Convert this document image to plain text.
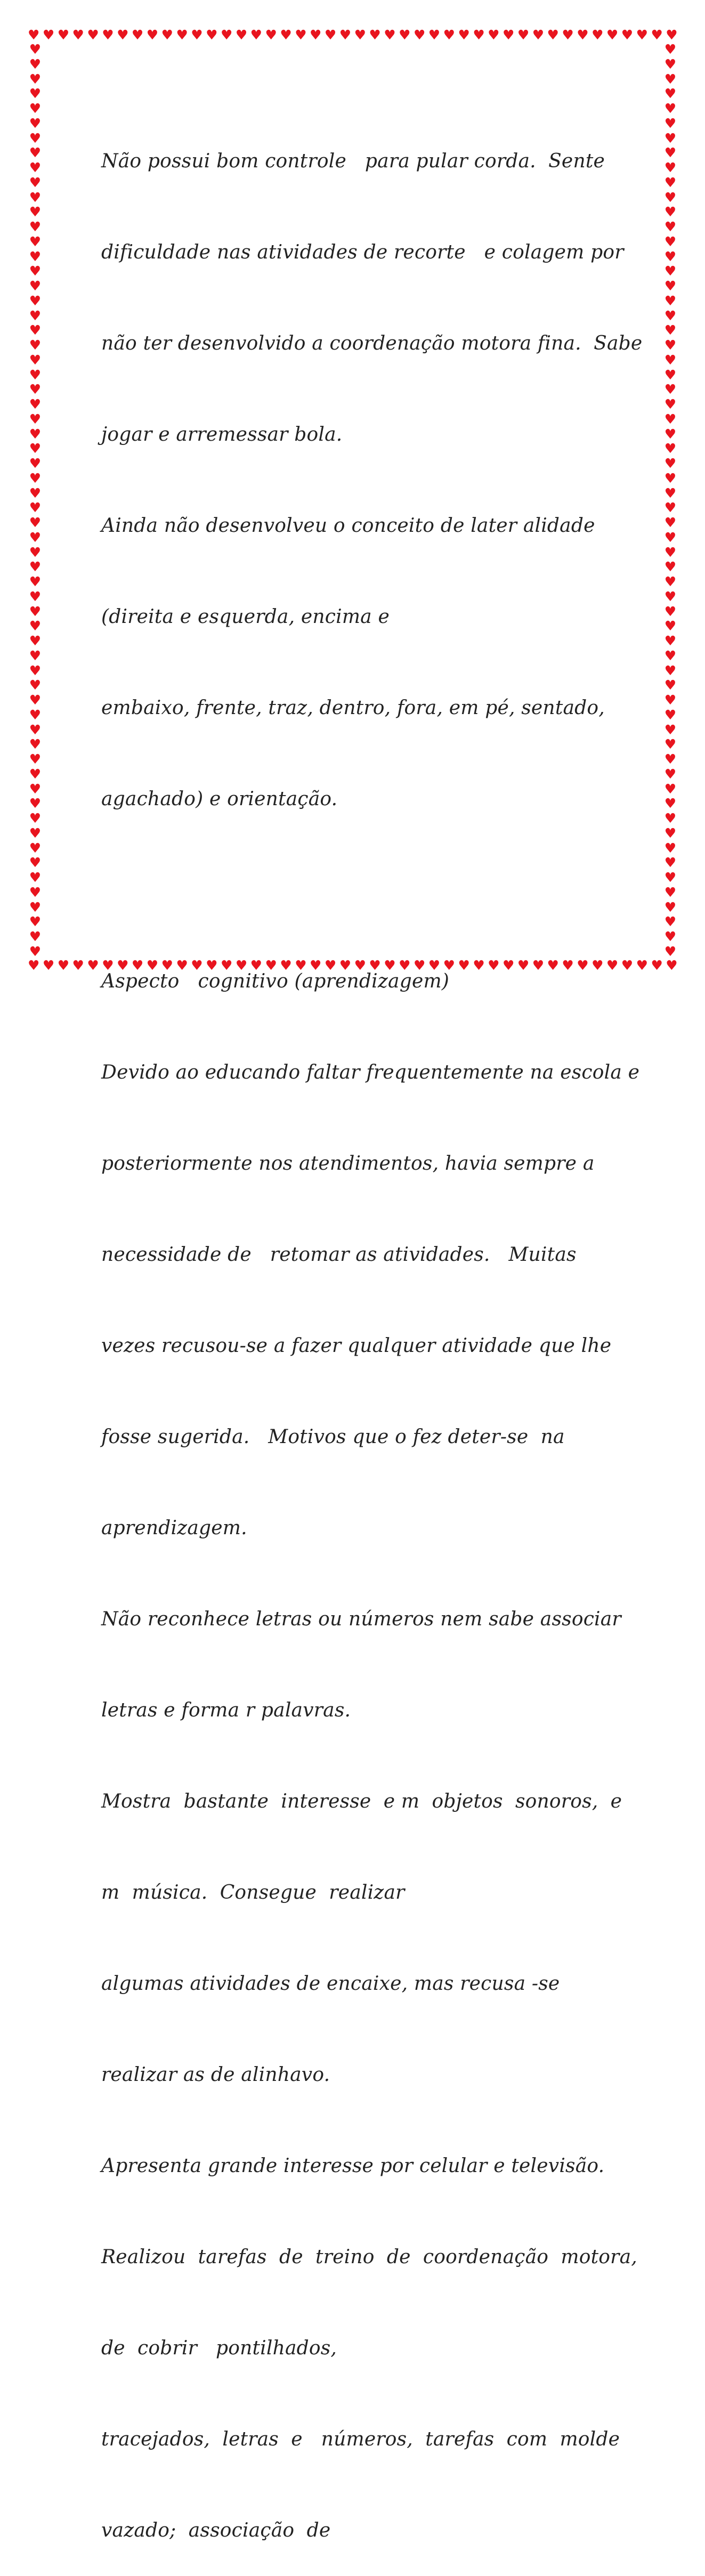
♥ ♥ ♥ ♥ ♥ ♥ ♥ ♥ ♥ ♥ ♥ ♥ ♥ ♥ ♥ ♥ ♥ ♥ ♥ ♥ ♥ ♥ ♥ ♥ ♥ ♥ ♥ ♥ ♥ ♥ ♥ ♥ ♥ ♥ ♥ ♥ ♥ ♥ ♥ ♥ ♥ ♥ ♥ ♥
♥ ♥ ♥ ♥ ♥ ♥ ♥ ♥ ♥ ♥ ♥ ♥ ♥ ♥ ♥ ♥ ♥ ♥ ♥ ♥ ♥ ♥ ♥ ♥ ♥ ♥ ♥ ♥ ♥ ♥ ♥ ♥ ♥ ♥ ♥ ♥ ♥ ♥ ♥ ♥ ♥ ♥ ♥ ♥
♥
♥
♥
♥
♥
♥
♥
♥
♥
♥
♥
♥
♥
♥
♥
♥
♥
♥
♥
♥
♥
♥
♥
♥
♥
♥
♥
♥
♥
♥
♥
♥
♥
♥
♥
♥
♥
♥
♥
♥
♥
♥
♥
♥
♥
♥
♥
♥
♥
♥
♥
♥
♥
♥
♥
♥
♥
♥
♥
♥
♥
♥
♥
♥
♥
♥
♥
♥
♥
♥
♥
♥
♥
♥
♥
♥
♥
♥
♥
♥
♥
♥
♥
♥
♥
♥
♥
♥
♥
♥
♥
♥
♥
♥
♥
♥
♥
♥
♥
♥
♥
♥
♥
♥
♥
♥
♥
♥
♥
♥
♥
♥
♥
♥
♥
♥
♥
♥
♥
♥
♥
♥
♥
♥

Não possui bom controle   para pular corda.  Sente

dificuldade nas atividades de recorte   e colagem por

não ter desenvolvido a coordenação motora fina.  Sabe

jogar e arremessar bola.

Ainda não desenvolveu o conceito de later alidade

(direita e esquerda, encima e

embaixo, frente, traz, dentro, fora, em pé, sentado,

agachado) e orientação.

Aspecto   cognitivo (aprendizagem)

Devido ao educando faltar frequentemente na escola e

posteriormente nos atendimentos, havia sempre a

necessidade de   retomar as atividades.   Muitas

vezes recusou-se a fazer qualquer atividade que lhe

fosse sugerida.   Motivos que o fez deter-se  na

aprendizagem.

Não reconhece letras ou números nem sabe associar

letras e forma r palavras.

Mostra  bastante  interesse  e m  objetos  sonoros,  e

m  música.  Consegue  realizar

algumas atividades de encaixe, mas recusa -se

realizar as de alinhavo.

Apresenta grande interesse por celular e televisão.

Realizou  tarefas  de  treino  de  coordenação  motora,

de  cobrir   pontilhados,

tracejados,  letras  e   números,  tarefas  com  molde

vazado;  associação  de
